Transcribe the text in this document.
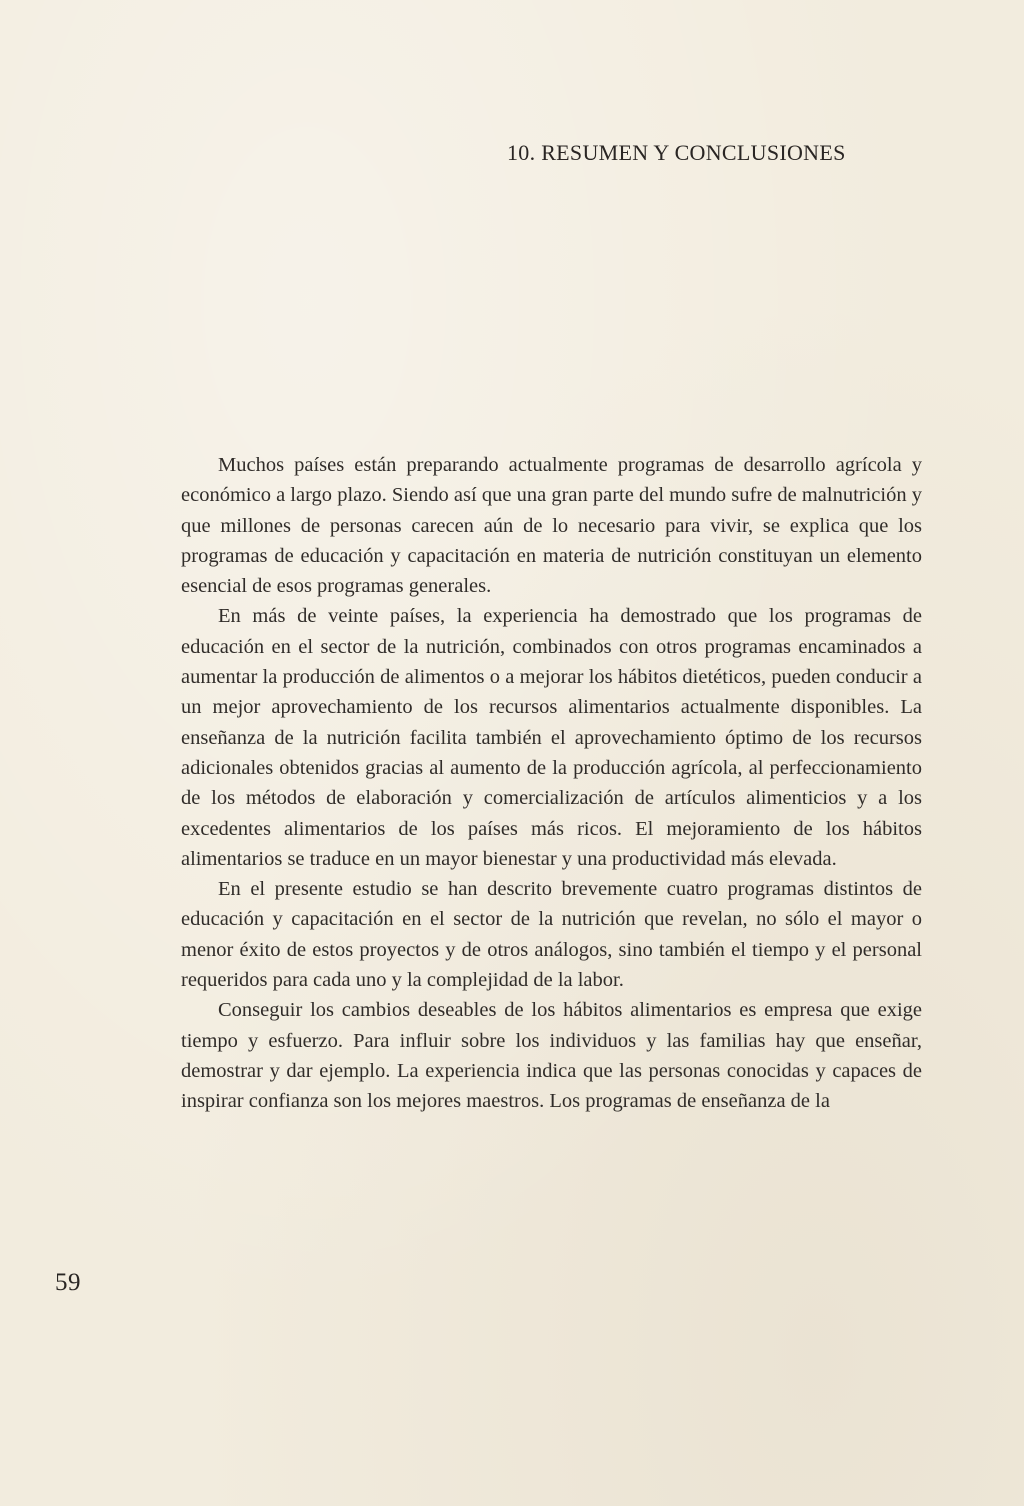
10. RESUMEN Y CONCLUSIONES

Muchos países están preparando actualmente programas de desarrollo agrícola y económico a largo plazo. Siendo así que una gran parte del mundo sufre de malnutrición y que millones de personas carecen aún de lo necesario para vivir, se explica que los programas de educación y capacitación en materia de nutrición constituyan un elemento esencial de esos programas generales.

En más de veinte países, la experiencia ha demostrado que los programas de educación en el sector de la nutrición, combinados con otros programas encaminados a aumentar la producción de alimentos o a mejorar los hábitos dietéticos, pueden conducir a un mejor aprovechamiento de los recursos alimentarios actualmente disponibles. La enseñanza de la nutrición facilita también el aprovechamiento óptimo de los recursos adicionales obtenidos gracias al aumento de la producción agrícola, al perfeccionamiento de los métodos de elaboración y comercialización de artículos alimenticios y a los excedentes alimentarios de los países más ricos. El mejoramiento de los hábitos alimentarios se traduce en un mayor bienestar y una productividad más elevada.

En el presente estudio se han descrito brevemente cuatro programas distintos de educación y capacitación en el sector de la nutrición que revelan, no sólo el mayor o menor éxito de estos proyectos y de otros análogos, sino también el tiempo y el personal requeridos para cada uno y la complejidad de la labor.

Conseguir los cambios deseables de los hábitos alimentarios es empresa que exige tiempo y esfuerzo. Para influir sobre los individuos y las familias hay que enseñar, demostrar y dar ejemplo. La experiencia indica que las personas conocidas y capaces de inspirar confianza son los mejores maestros. Los programas de enseñanza de la

59
